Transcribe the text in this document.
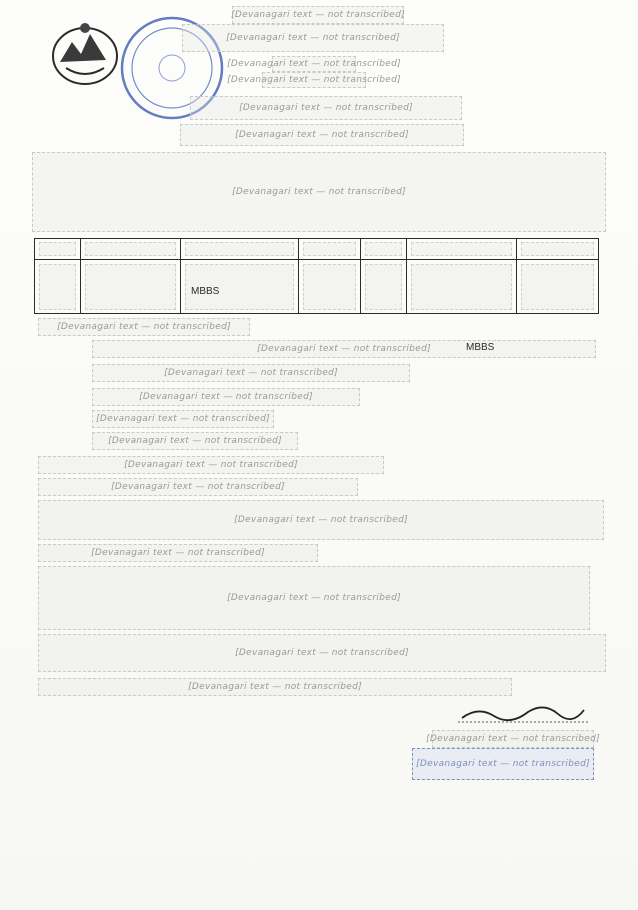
[Devanagari text — not transcribed]
[Devanagari text — not transcribed]
[Devanagari text — not transcribed]
[Devanagari text — not transcribed]
[Devanagari text — not transcribed]
[Devanagari text — not transcribed]
[Devanagari text — not transcribed]

		MBBS				

[Devanagari text — not transcribed]
[Devanagari text — not transcribed]	MBBS
[Devanagari text — not transcribed]
[Devanagari text — not transcribed]
[Devanagari text — not transcribed]
[Devanagari text — not transcribed]
[Devanagari text — not transcribed]
[Devanagari text — not transcribed]
[Devanagari text — not transcribed]
[Devanagari text — not transcribed]
[Devanagari text — not transcribed]
[Devanagari text — not transcribed]
[Devanagari text — not transcribed]
[Devanagari text — not transcribed]
[Devanagari text — not transcribed]
